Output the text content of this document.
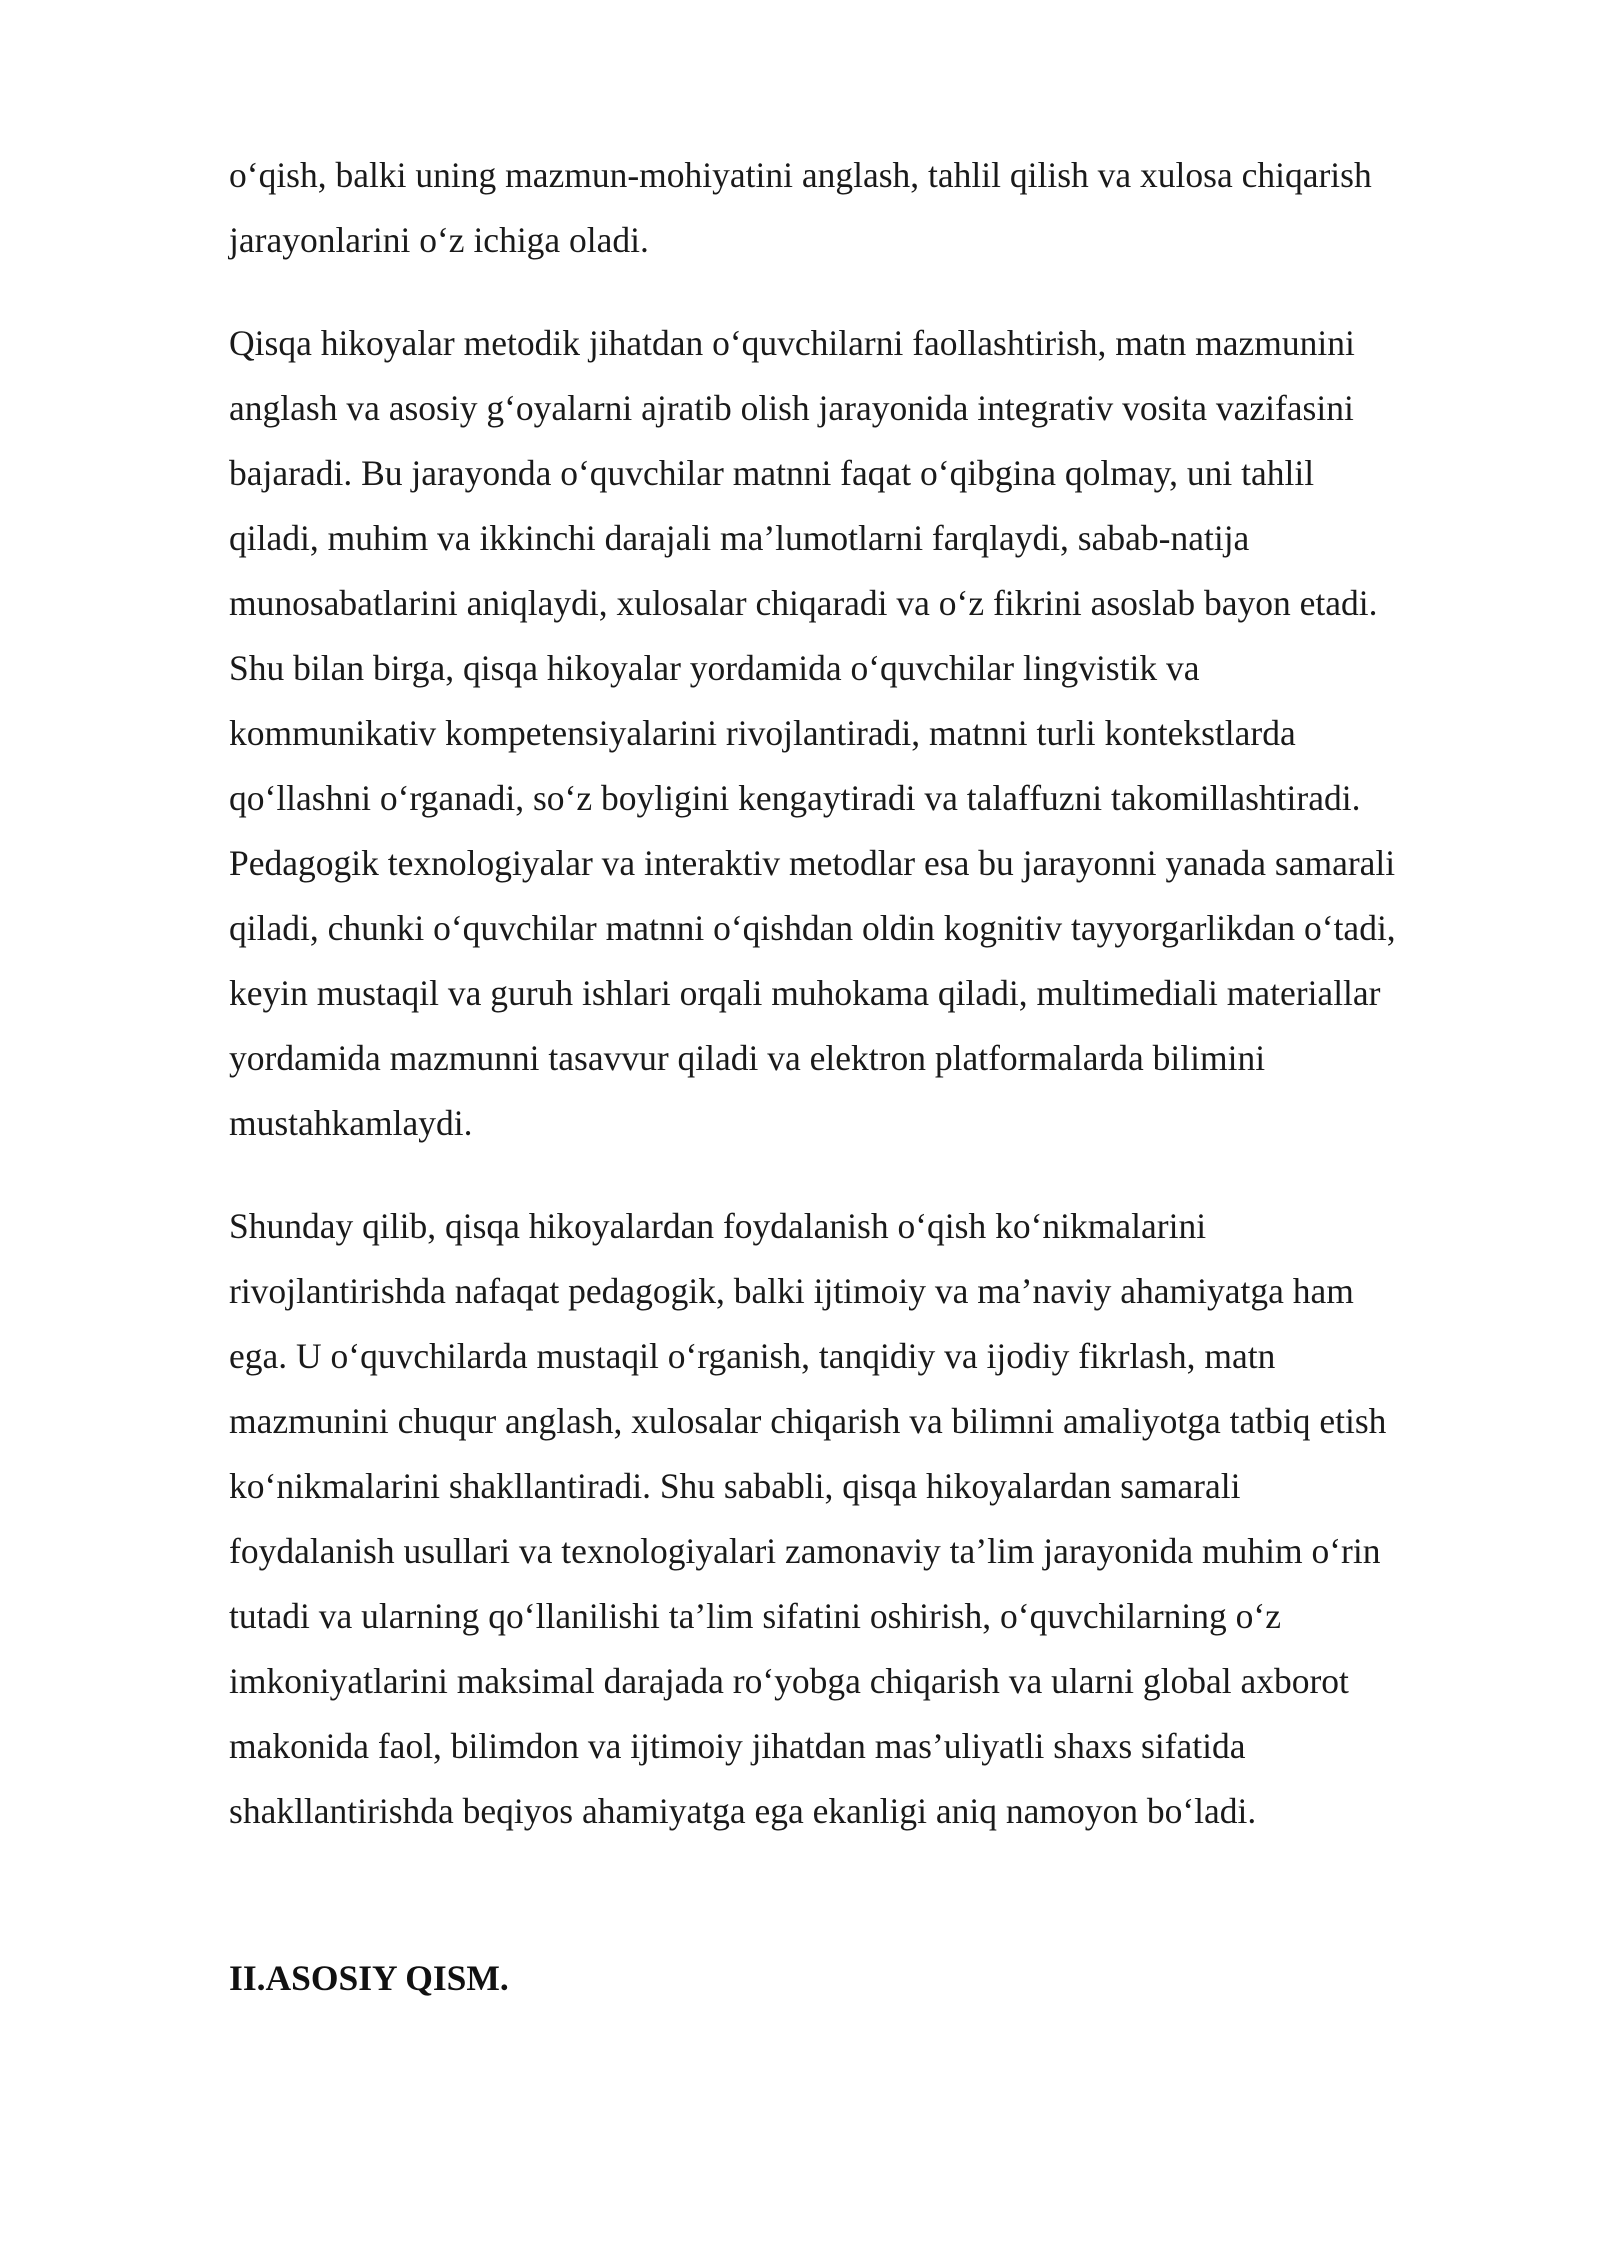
o‘qish, balki uning mazmun-mohiyatini anglash, tahlil qilish va xulosa chiqarish
jarayonlarini o‘z ichiga oladi.
Qisqa hikoyalar metodik jihatdan o‘quvchilarni faollashtirish, matn mazmunini
anglash va asosiy g‘oyalarni ajratib olish jarayonida integrativ vosita vazifasini
bajaradi. Bu jarayonda o‘quvchilar matnni faqat o‘qibgina qolmay, uni tahlil
qiladi, muhim va ikkinchi darajali ma’lumotlarni farqlaydi, sabab-natija
munosabatlarini aniqlaydi, xulosalar chiqaradi va o‘z fikrini asoslab bayon etadi.
Shu bilan birga, qisqa hikoyalar yordamida o‘quvchilar lingvistik va
kommunikativ kompetensiyalarini rivojlantiradi, matnni turli kontekstlarda
qo‘llashni o‘rganadi, so‘z boyligini kengaytiradi va talaffuzni takomillashtiradi.
Pedagogik texnologiyalar va interaktiv metodlar esa bu jarayonni yanada samarali
qiladi, chunki o‘quvchilar matnni o‘qishdan oldin kognitiv tayyorgarlikdan o‘tadi,
keyin mustaqil va guruh ishlari orqali muhokama qiladi, multimediali materiallar
yordamida mazmunni tasavvur qiladi va elektron platformalarda bilimini
mustahkamlaydi.
Shunday qilib, qisqa hikoyalardan foydalanish o‘qish ko‘nikmalarini
rivojlantirishda nafaqat pedagogik, balki ijtimoiy va ma’naviy ahamiyatga ham
ega. U o‘quvchilarda mustaqil o‘rganish, tanqidiy va ijodiy fikrlash, matn
mazmunini chuqur anglash, xulosalar chiqarish va bilimni amaliyotga tatbiq etish
ko‘nikmalarini shakllantiradi. Shu sababli, qisqa hikoyalardan samarali
foydalanish usullari va texnologiyalari zamonaviy ta’lim jarayonida muhim o‘rin
tutadi va ularning qo‘llanilishi ta’lim sifatini oshirish, o‘quvchilarning o‘z
imkoniyatlarini maksimal darajada ro‘yobga chiqarish va ularni global axborot
makonida faol, bilimdon va ijtimoiy jihatdan mas’uliyatli shaxs sifatida
shakllantirishda beqiyos ahamiyatga ega ekanligi aniq namoyon bo‘ladi.
II.ASOSIY QISM.
